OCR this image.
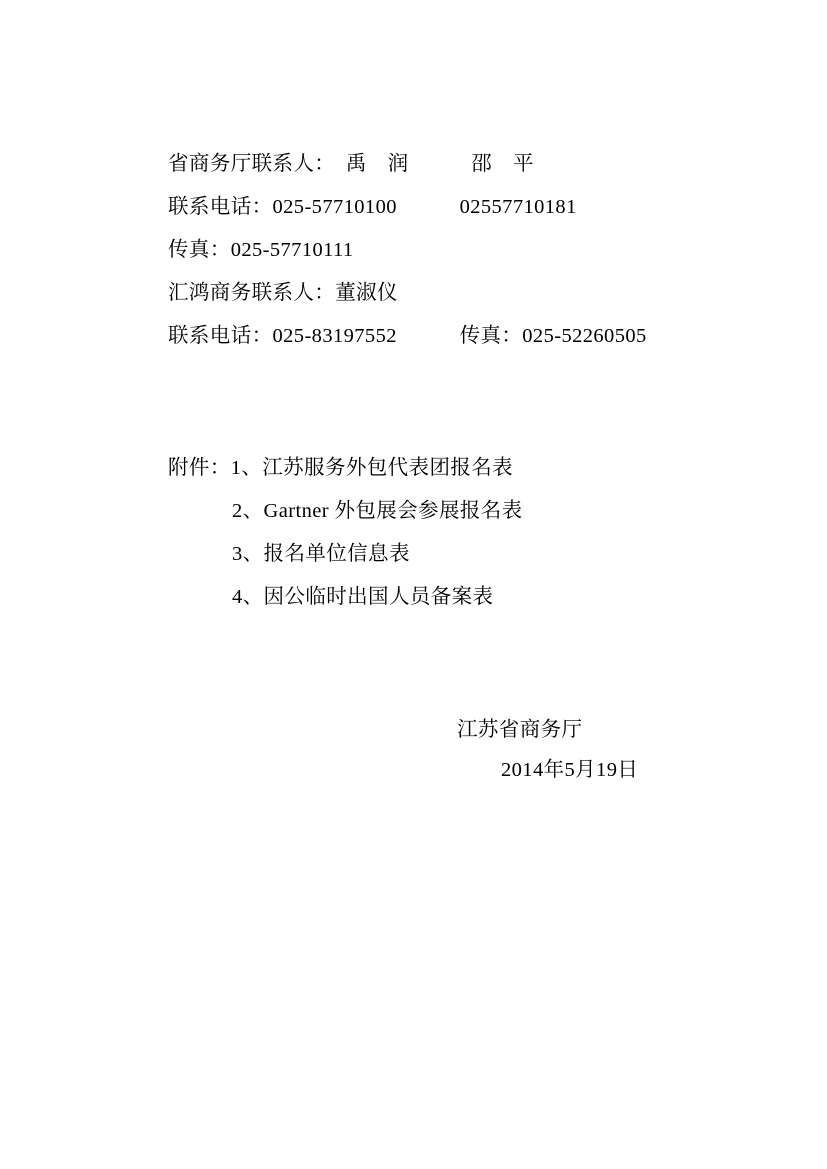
省商务厅联系人：　禹　润　　　邵　平
联系电话：025-57710100　　　02557710181
传真：025-57710111
汇鸿商务联系人：董淑仪
联系电话：025-83197552　　　传真：025-52260505
附件：1、江苏服务外包代表团报名表
2、Gartner 外包展会参展报名表
3、报名单位信息表
4、因公临时出国人员备案表
江苏省商务厅
2014年5月19日
